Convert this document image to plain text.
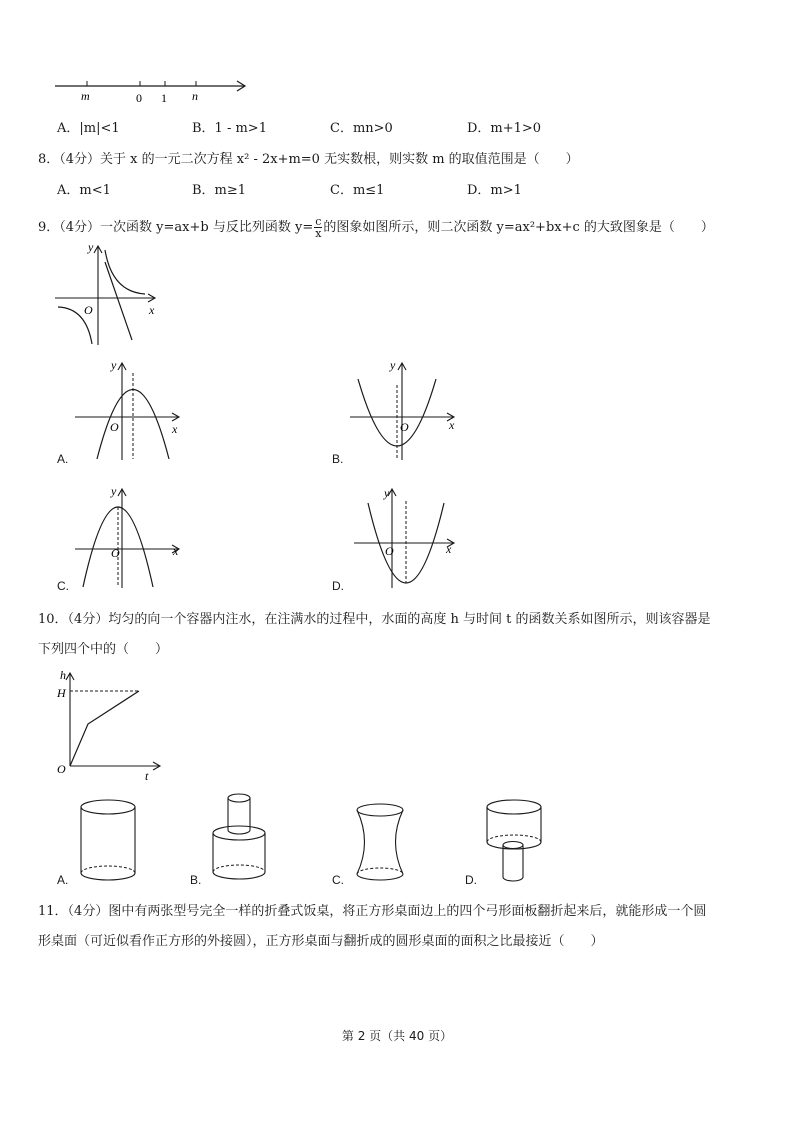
m	0 1 n
A．|m|<1	B．1 - m>1	C．mn>0	D．m+1>0
8．（4分）关于 x 的一元二次方程 x² - 2x+m=0 无实数根，则实数 m 的取值范围是（　　）
A．m<1	B．m≥1	C．m≤1	D．m>1
9．（4分）一次函数 y=ax+b 与反比列函数 $y= \frac{c}{x}$ 的图象如图所示，则二次函数 y=ax²+bx+c 的大致图象是（　　）
y
x
O
y
x
O
A.
y
x
O
B.
y
x
O
C.
y
x
O
D.
10．（4分）均匀的向一个容器内注水，在注满水的过程中，水面的高度 h 与时间 t 的函数关系如图所示，则该容器是
下列四个中的（　　）
h
H
O	t
A.	B.	C.	D.
11．（4分）图中有两张型号完全一样的折叠式饭桌，将正方形桌面边上的四个弓形面板翻折起来后，就能形成一个圆
形桌面（可近似看作正方形的外接圆），正方形桌面与翻折成的圆形桌面的面积之比最接近（　　）
第 2 页（共 40 页）
